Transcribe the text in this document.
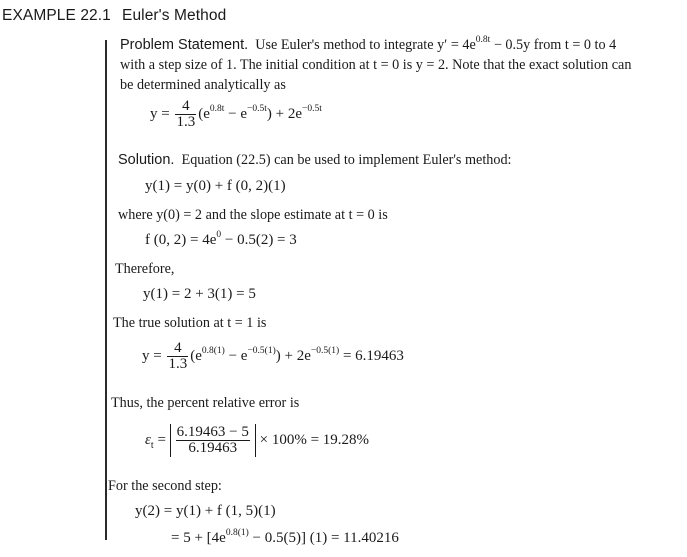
EXAMPLE 22.1 Euler's Method
Problem Statement. Use Euler's method to integrate $y' = 4e^{0.8t} - 0.5y$ from t = 0 to 4
with a step size of 1. The initial condition at t = 0 is y = 2. Note that the exact solution can
be determined analytically as
$y = \frac{4}{1.3} (e^{0.8t} - e^{-0.5t}) + 2e^{-0.5t}$
Solution. Equation (22.5) can be used to implement Euler's method:
y(1) = y(0) + f (0, 2)(1)
where y(0) = 2 and the slope estimate at t = 0 is
f (0, $2) = 4e^0 - 0.5(2) = 3$
Therefore,
y(1) = 2 + 3(1) = 5
The true solution at t = 1 is
$y = \frac{4}{1.3} (e^{0.8(1)} - e^{-0.5(1)}) + 2e^{-0.5(1)} = 6.19463$
Thus, the percent relative error is
$\varepsilon_t = \frac{6.19463 - 5}{6.19463} \times 100\% = 19.28\%$
For the second step:
y(2) = y(1) + f (1, 5)(1)
= $5 + [4e^{0.8(1)} - 0.5(5)] (1) = 11.40216$
